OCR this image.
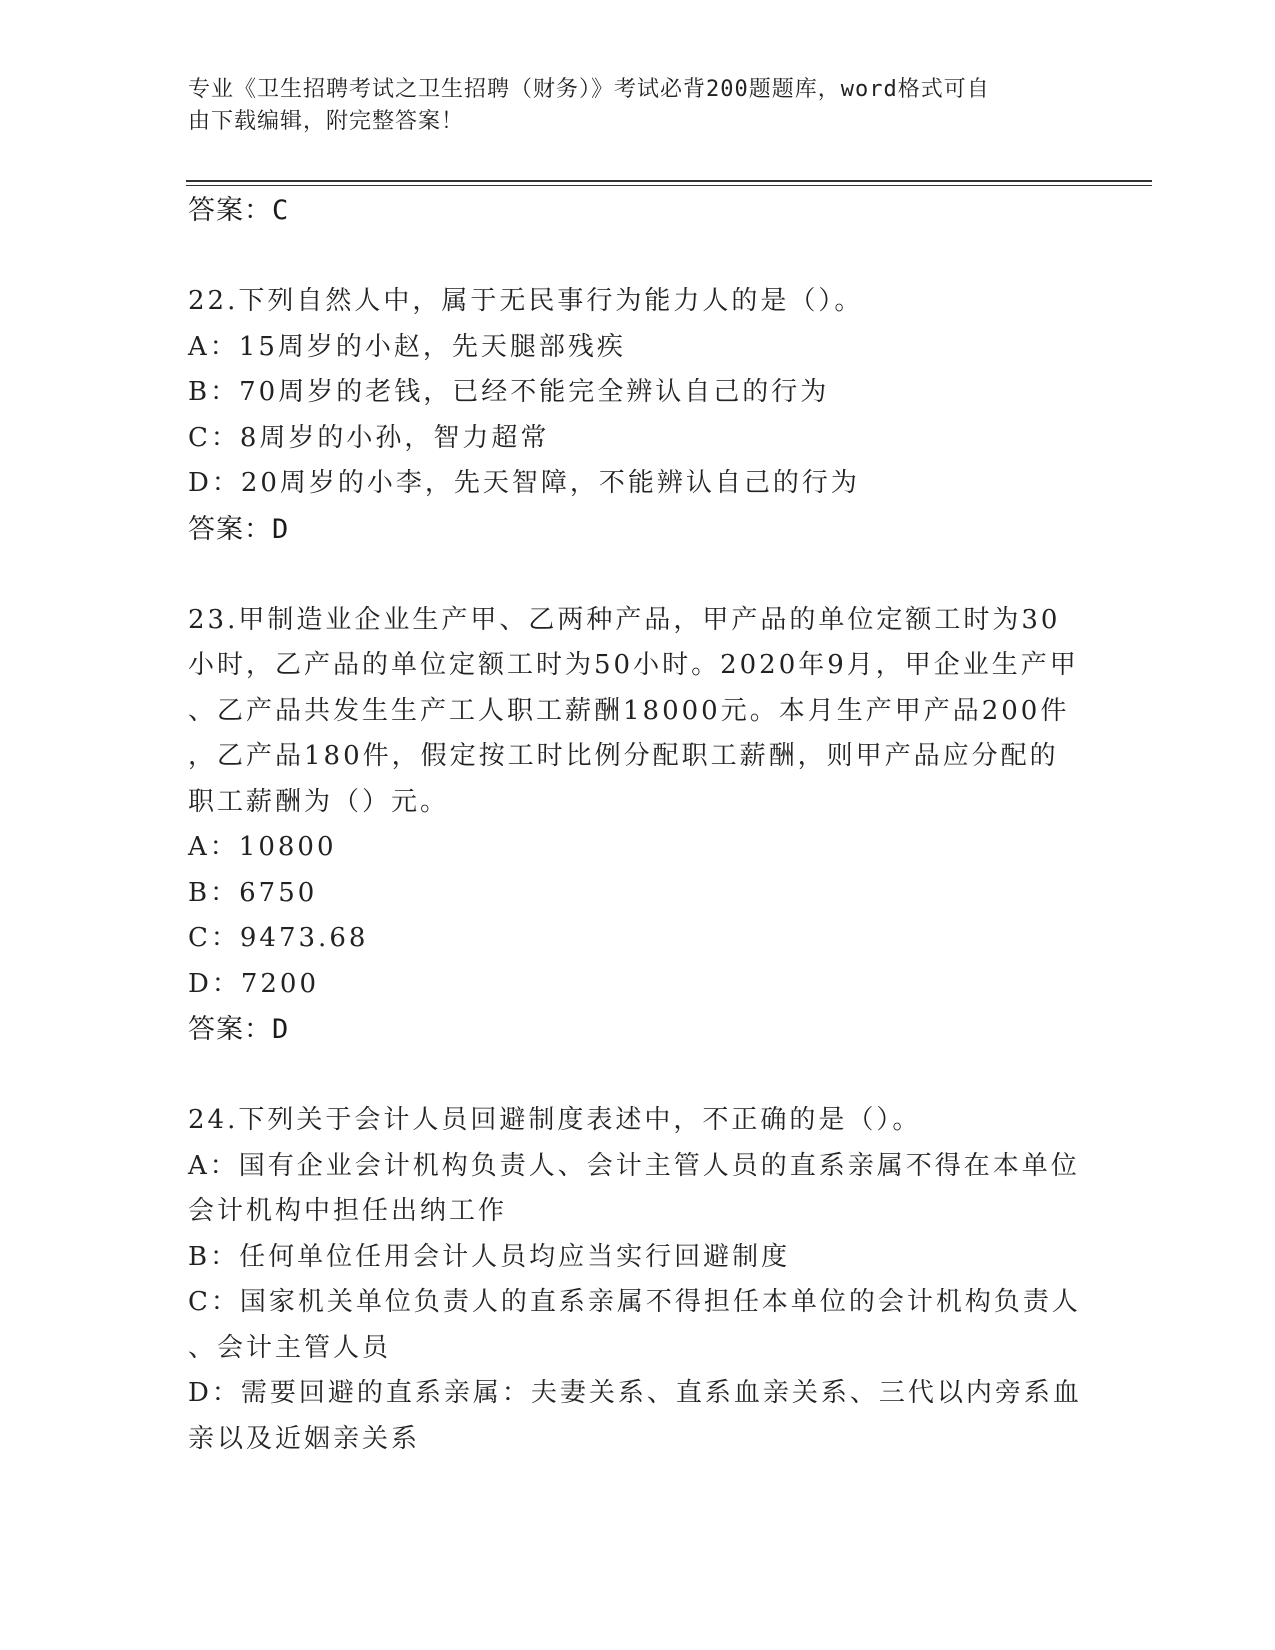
专业《卫生招聘考试之卫生招聘（财务）》考试必背200题题库，word格式可自
由下载编辑，附完整答案！
答案：C
22.下列自然人中，属于无民事行为能力人的是（）。
A：15周岁的小赵，先天腿部残疾
B：70周岁的老钱，已经不能完全辨认自己的行为
C：8周岁的小孙，智力超常
D：20周岁的小李，先天智障，不能辨认自己的行为
答案：D
23.甲制造业企业生产甲、乙两种产品，甲产品的单位定额工时为30
小时，乙产品的单位定额工时为50小时。2020年9月，甲企业生产甲
、乙产品共发生生产工人职工薪酬18000元。本月生产甲产品200件
，乙产品180件，假定按工时比例分配职工薪酬，则甲产品应分配的
职工薪酬为（）元。
A：10800
B：6750
C：9473.68
D：7200
答案：D
24.下列关于会计人员回避制度表述中，不正确的是（）。
A：国有企业会计机构负责人、会计主管人员的直系亲属不得在本单位
会计机构中担任出纳工作
B：任何单位任用会计人员均应当实行回避制度
C：国家机关单位负责人的直系亲属不得担任本单位的会计机构负责人
、会计主管人员
D：需要回避的直系亲属：夫妻关系、直系血亲关系、三代以内旁系血
亲以及近姻亲关系
